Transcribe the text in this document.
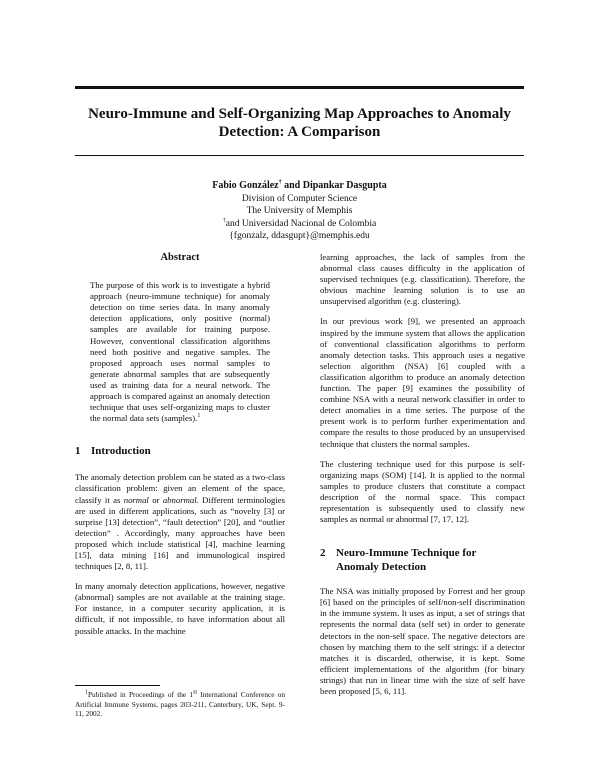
Neuro-Immune and Self-Organizing Map Approaches to Anomaly Detection: A Comparison
Fabio González† and Dipankar Dasgupta
Division of Computer Science
The University of Memphis
†and Universidad Nacional de Colombia
{fgonzalz, ddasgupt}@memphis.edu
Abstract

The purpose of this work is to investigate a hybrid approach (neuro-immune technique) for anomaly detection on time series data. In many anomaly detection applications, only positive (normal) samples are available for training purpose. However, conventional classification algorithms need both positive and negative samples. The proposed approach uses normal samples to generate abnormal samples that are subsequently used as training data for a neural network. The approach is compared against an anomaly detection technique that uses self-organizing maps to cluster the normal data sets (samples).$^1$

1 Introduction

The anomaly detection problem can be stated as a two-class classification problem: given an element of the space, classify it as normal or abnormal. Different terminologies are used in different applications, such as “novelty [3] or surprise [13] detection”, “fault detection” [20], and “outlier detection” . Accordingly, many approaches have been proposed which include statistical [4], machine learning [15], data mining [16] and immunological inspired techniques [2, 8, 11].

In many anomaly detection applications, however, negative (abnormal) samples are not available at the training stage. For instance, in a computer security application, it is difficult, if not impossible, to have information about all possible attacks. In the machine

$^1$Published in Proceedings of the 1st International Conference on Artificial Immune Systems, pages 203-211, Canterbury, UK, Sept. 9-11, 2002.

learning approaches, the lack of samples from the abnormal class causes difficulty in the application of supervised techniques (e.g. classification). Therefore, the obvious machine learning solution is to use an unsupervised algorithm (e.g. clustering).

In our previous work [9], we presented an approach inspired by the immune system that allows the application of conventional classification algorithms to perform anomaly detection tasks. This approach uses a negative selection algorithm (NSA) [6] coupled with a classification algorithm to produce an anomaly detection function. The paper [9] examines the possibility of combine NSA with a neural network classifier in order to detect anomalies in a time series. The purpose of the present work is to perform further experimentation and compare the results to those produced by an unsupervised technique that clusters the normal samples.

The clustering technique used for this purpose is self-organizing maps (SOM) [14]. It is applied to the normal samples to produce clusters that constitute a compact description of the normal space. This compact representation is subsequently used to classify new samples as normal or abnormal [7, 17, 12].

2 Neuro-Immune Technique for
Anomaly Detection

The NSA was initially proposed by Forrest and her group [6] based on the principles of self/non-self discrimination in the immune system. It uses as input, a set of strings that represents the normal data (self set) in order to generate detectors in the non-self space. The negative detectors are chosen by matching them to the self strings: if a detector matches it is discarded, otherwise, it is kept. Some efficient implementations of the algorithm (for binary strings) that run in linear time with the size of self have been proposed [5, 6, 11].
